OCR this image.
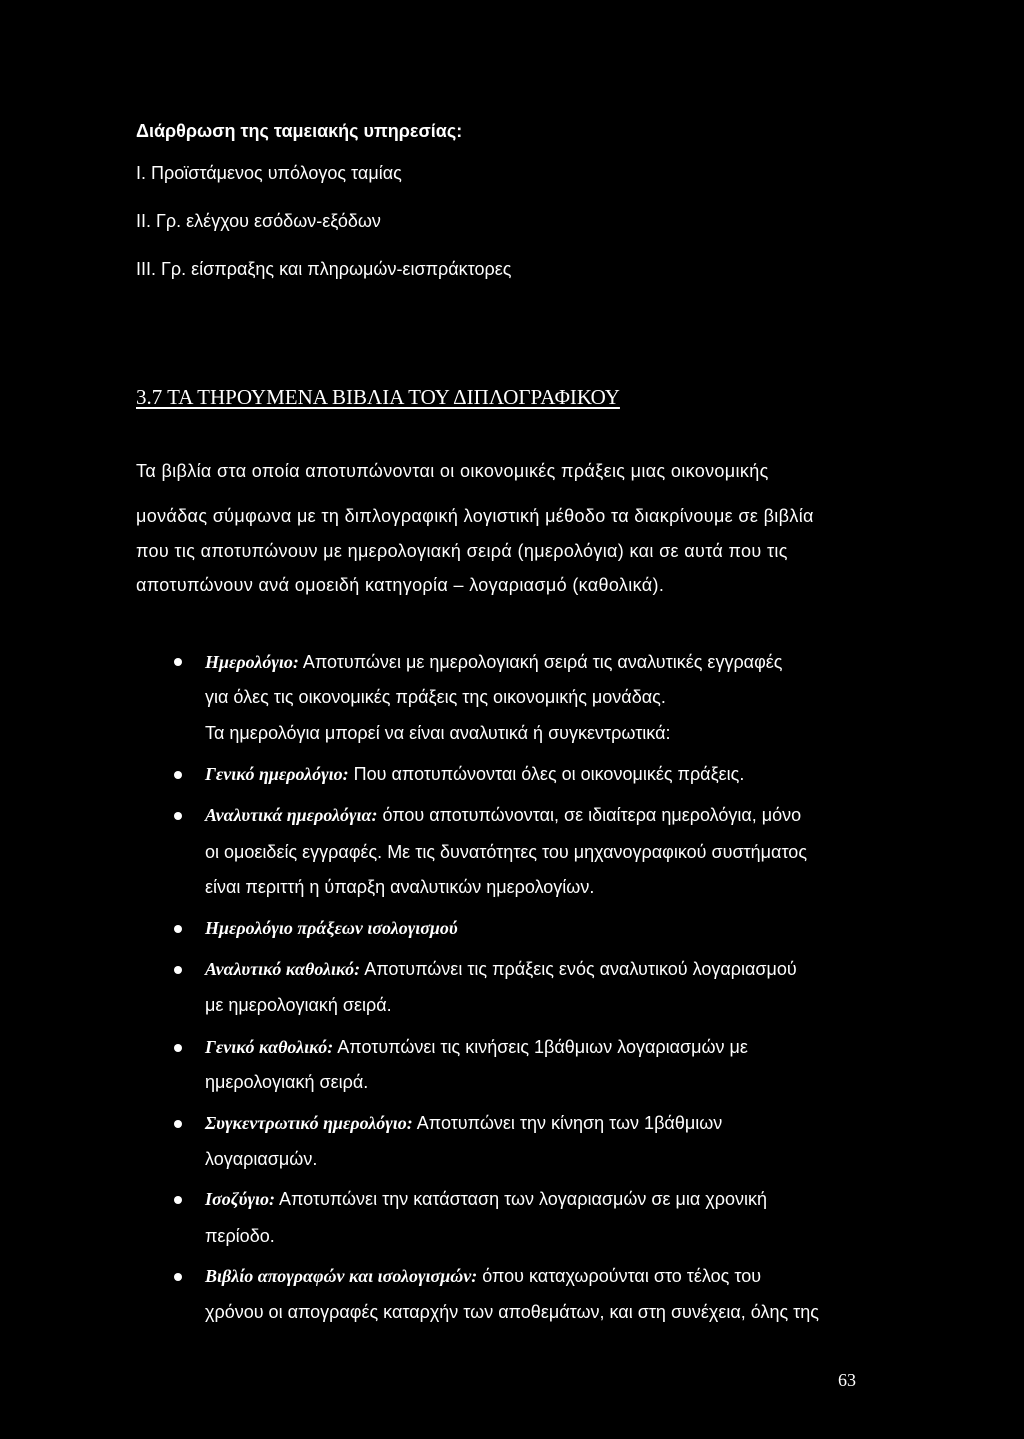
Διάρθρωση της ταμειακής υπηρεσίας:
Ι. Προϊστάμενος υπόλογος ταμίας
ΙΙ. Γρ. ελέγχου εσόδων-εξόδων
ΙΙΙ. Γρ. είσπραξης και πληρωμών-εισπράκτορες
3.7 ΤΑ ΤΗΡΟΥΜΕΝΑ ΒΙΒΛΙΑ ΤΟΥ ΔΙΠΛΟΓΡΑΦΙΚΟΥ
Τα βιβλία στα οποία αποτυπώνονται οι οικονομικές πράξεις μιας οικονομικής
μονάδας σύμφωνα με τη διπλογραφική λογιστική μέθοδο τα διακρίνουμε σε βιβλία
που τις αποτυπώνουν με ημερολογιακή σειρά (ημερολόγια) και σε αυτά που τις
αποτυπώνουν ανά ομοειδή κατηγορία – λογαριασμό (καθολικά).
Ημερολόγιο: Αποτυπώνει με ημερολογιακή σειρά τις αναλυτικές εγγραφές
για όλες τις οικονομικές πράξεις της οικονομικής μονάδας.
Τα ημερολόγια μπορεί να είναι αναλυτικά ή συγκεντρωτικά:
Γενικό ημερολόγιο: Που αποτυπώνονται όλες οι οικονομικές πράξεις.
Αναλυτικά ημερολόγια: όπου αποτυπώνονται, σε ιδιαίτερα ημερολόγια, μόνο
οι ομοειδείς εγγραφές. Με τις δυνατότητες του μηχανογραφικού συστήματος
είναι περιττή η ύπαρξη αναλυτικών ημερολογίων.
Ημερολόγιο πράξεων ισολογισμού
Αναλυτικό καθολικό: Αποτυπώνει τις πράξεις ενός αναλυτικού λογαριασμού
με ημερολογιακή σειρά.
Γενικό καθολικό: Αποτυπώνει τις κινήσεις 1βάθμιων λογαριασμών με
ημερολογιακή σειρά.
Συγκεντρωτικό ημερολόγιο: Αποτυπώνει την κίνηση των 1βάθμιων
λογαριασμών.
Ισοζύγιο: Αποτυπώνει την κατάσταση των λογαριασμών σε μια χρονική
περίοδο.
Βιβλίο απογραφών και ισολογισμών: όπου καταχωρούνται στο τέλος του
χρόνου οι απογραφές καταρχήν των αποθεμάτων, και στη συνέχεια, όλης της
63
